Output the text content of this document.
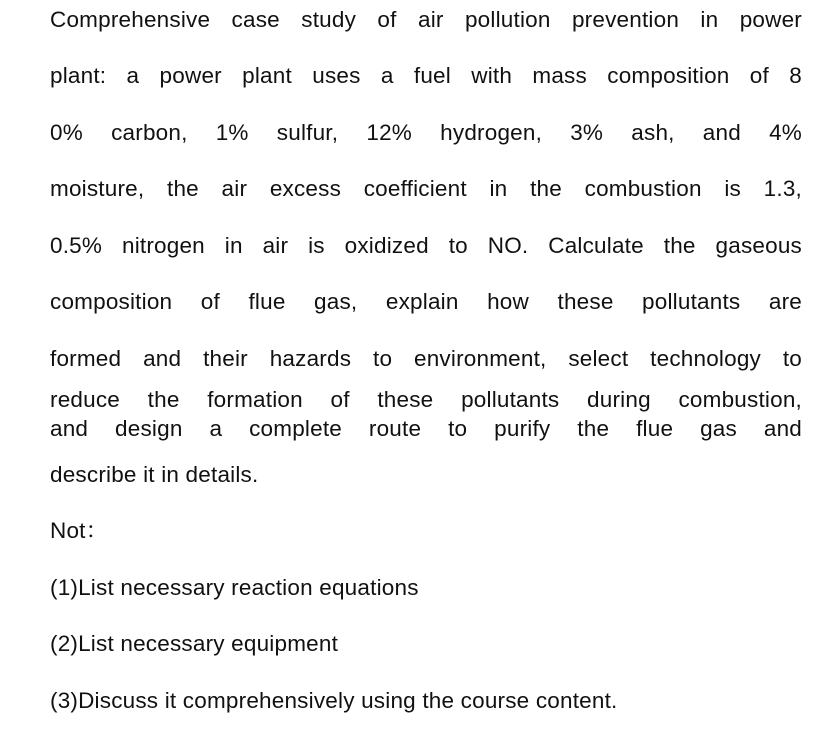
Comprehensive case study of air pollution prevention in power
plant: a power plant uses a fuel with mass composition of 8
0% carbon, 1% sulfur, 12% hydrogen, 3% ash, and 4%
moisture, the air excess coefficient in the combustion is 1.3,
0.5% nitrogen in air is oxidized to NO. Calculate the gaseous
composition of flue gas, explain how these pollutants are
formed and their hazards to environment, select technology to
reduce the formation of these pollutants during combustion,
and design a complete route to purify the flue gas and
describe it in details.
Not：
(1)List necessary reaction equations
(2)List necessary equipment
(3)Discuss it comprehensively using the course content.
